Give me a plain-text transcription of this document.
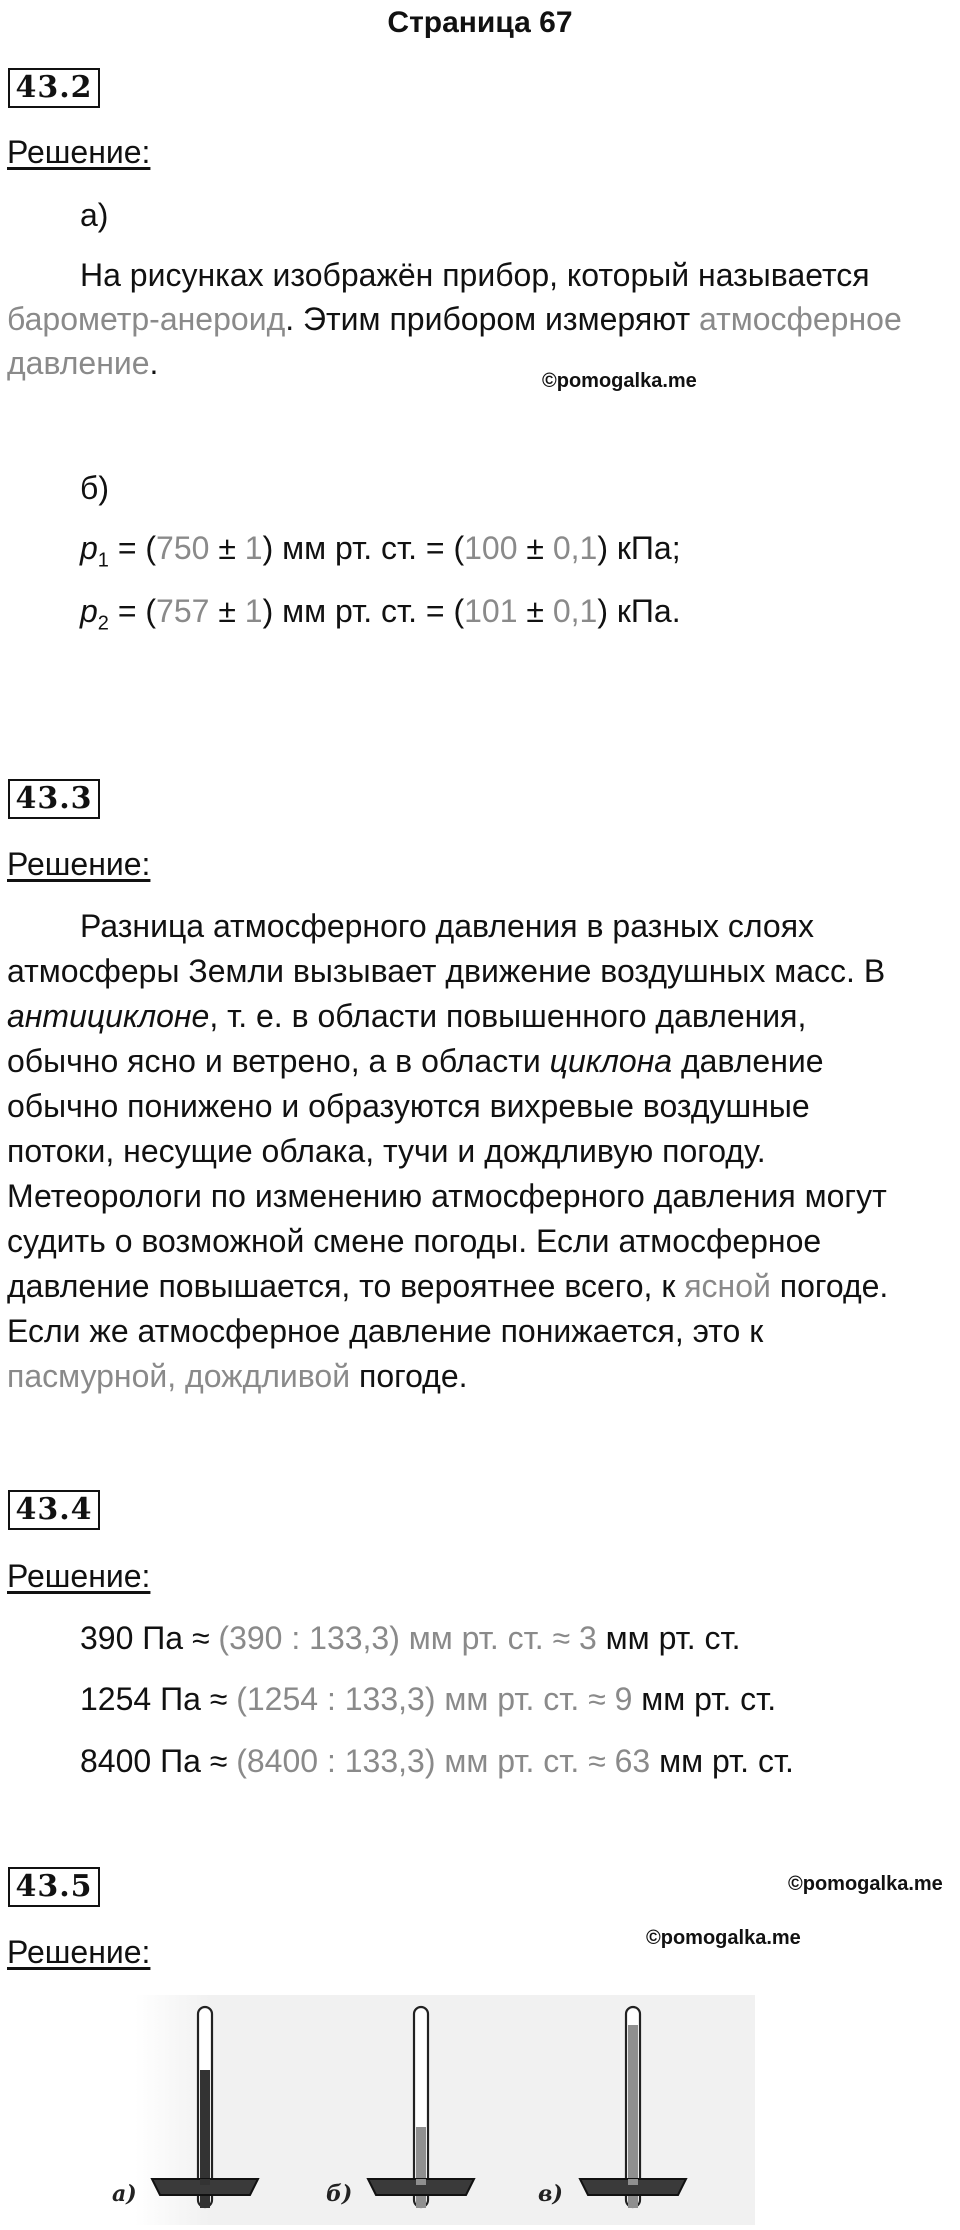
Страница 67
43.2
Решение:
а)
На рисунках изображён прибор, который называется
барометр-анероид. Этим прибором измеряют атмосферное
давление.	©pomogalka.me
б)
$p_1 = (750 \pm 1)$ мм рт. ст. = (100 ± 0,1) кПа;
$p_2 = (757 \pm 1)$ мм рт. ст. = (101 ± 0,1) кПа.
43.3
Решение:
Разница атмосферного давления в разных слоях
атмосферы Земли вызывает движение воздушных масс. В
антициклоне, т. е. в области повышенного давления,
обычно ясно и ветрено, а в области циклона давление
обычно понижено и образуются вихревые воздушные
потоки, несущие облака, тучи и дождливую погоду.
Метеорологи по изменению атмосферного давления могут
судить о возможной смене погоды. Если атмосферное
давление повышается, то вероятнее всего, к ясной погоде.
Если же атмосферное давление понижается, это к
пасмурной, дождливой погоде.
43.4
Решение:
390 Па ≈ (390 : 133,3) мм рт. ст. ≈ 3 мм рт. ст.
1254 Па ≈ (1254 : 133,3) мм рт. ст. ≈ 9 мм рт. ст.
8400 Па ≈ (8400 : 133,3) мм рт. ст. ≈ 63 мм рт. ст.
43.5	©pomogalka.me
Решение:	©pomogalka.me
а)	б)	в)
